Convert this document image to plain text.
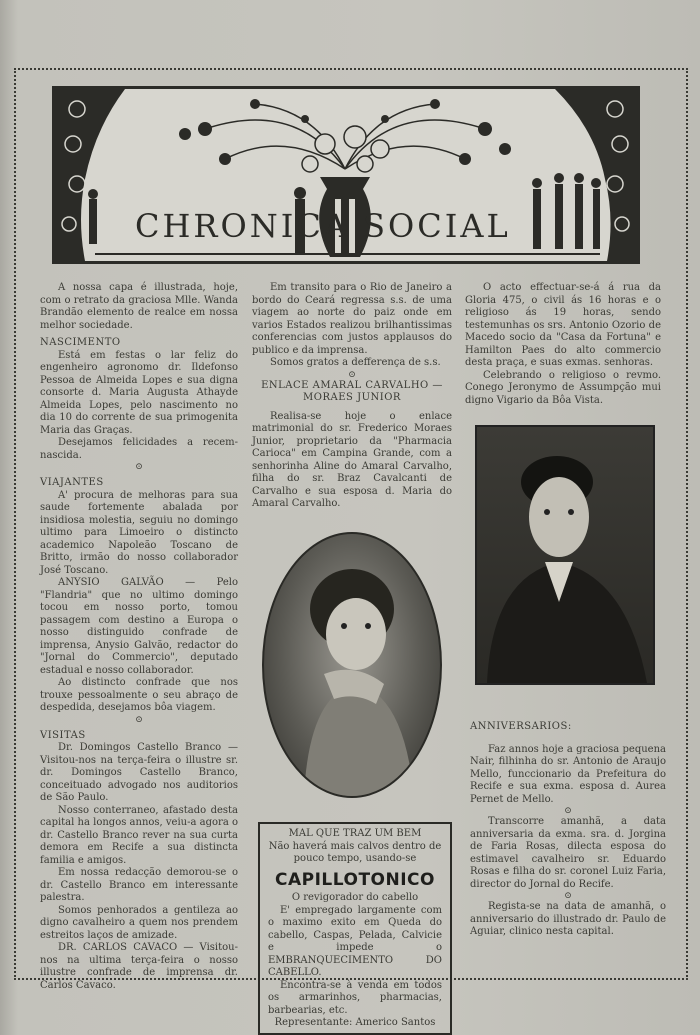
CHRONICA SOCIAL

A nossa capa é illustrada, hoje, com o retrato da graciosa Mlle. Wanda Brandão elemento de realce em nossa melhor sociedade.

NASCIMENTO

Está em festas o lar feliz do engenheiro agronomo dr. Ildefonso Pessoa de Almeida Lopes e sua digna consorte d. Maria Augusta Athayde Almeida Lopes, pelo nascimento no dia 10 do corrente de sua primogenita Maria das Graças.

Desejamos felicidades a recem-nascida.

⊙
VIAJANTES

A' procura de melhoras para sua saude fortemente abalada por insidiosa molestia, seguiu no domingo ultimo para Limoeiro o distincto academico Napoleão Toscano de Britto, irmão do nosso collaborador José Toscano.

ANYSIO GALVÃO — Pelo "Flandria" que no ultimo domingo tocou em nosso porto, tomou passagem com destino a Europa o nosso distinguido confrade de imprensa, Anysio Galvão, redactor do "Jornal do Commercio", deputado estadual e nosso collaborador.

Ao distincto confrade que nos trouxe pessoalmente o seu abraço de despedida, desejamos bôa viagem.

⊙
VISITAS

Dr. Domingos Castello Branco — Visitou-nos na terça-feira o illustre sr. dr. Domingos Castello Branco, conceituado advogado nos auditorios de São Paulo.

Nosso conterraneo, afastado desta capital ha longos annos, veiu-a agora o dr. Castello Branco rever na sua curta demora em Recife a sua distincta familia e amigos.

Em nossa redacção demorou-se o dr. Castello Branco em interessante palestra.

Somos penhorados a gentileza ao digno cavalheiro a quem nos prendem estreitos laços de amizade.

DR. CARLOS CAVACO — Visitou-nos na ultima terça-feira o nosso illustre confrade de imprensa dr. Carlos Cavaco.

Em transito para o Rio de Janeiro a bordo do Ceará regressa s.s. de uma viagem ao norte do paiz onde em varios Estados realizou brilhantissimas conferencias com justos applausos do publico e da imprensa.

Somos gratos a defferença de s.s.

⊙
ENLACE AMARAL CARVALHO —
MORAES JUNIOR

Realisa-se hoje o enlace matrimonial do sr. Frederico Moraes Junior, proprietario da "Pharmacia Carioca" em Campina Grande, com a senhorinha Aline do Amaral Carvalho, filha do sr. Braz Cavalcanti de Carvalho e sua esposa d. Maria do Amaral Carvalho.

O acto effectuar-se-á á rua da Gloria 475, o civil ás 16 horas e o religioso ás 19 horas, sendo testemunhas os srs. Antonio Ozorio de Macedo socio da "Casa da Fortuna" e Hamilton Paes do alto commercio desta praça, e suas exmas. senhoras.

Celebrando o religioso o revmo. Conego Jeronymo de Assumpção mui digno Vigario da Bôa Vista.

ANNIVERSARIOS:

Faz annos hoje a graciosa pequena Nair, filhinha do sr. Antonio de Araujo Mello, funccionario da Prefeitura do Recife e sua exma. esposa d. Aurea Pernet de Mello.

⊙

Transcorre amanhã, a data anniversaria da exma. sra. d. Jorgina de Faria Rosas, dilecta esposa do estimavel cavalheiro sr. Eduardo Rosas e filha do sr. coronel Luiz Faria, director do Jornal do Recife.

⊙

Regista-se na data de amanhã, o anniversario do illustrado dr. Paulo de Aguiar, clinico nesta capital.

MAL QUE TRAZ UM BEM
Não haverá mais calvos dentro de pouco tempo, usando-se
CAPILLOTONICO
O revigorador do cabello

E' empregado largamente com o maximo exito em Queda do cabello, Caspas, Pelada, Calvicie e impede o EMBRANQUECIMENTO DO CABELLO.

Encontra-se à venda em todos os armarinhos, pharmacias, barbearias, etc.

Representante: Americo Santos
